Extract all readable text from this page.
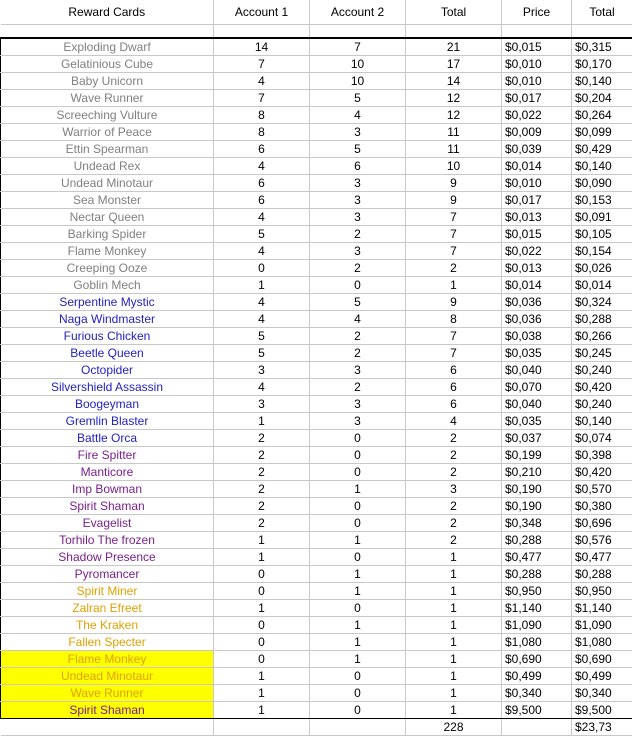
Reward Cards	Account 1	Account 2	Total	Price	Total

Exploding Dwarf	14	7	21	$0,015	$0,315
Gelatinious Cube	7	10	17	$0,010	$0,170
Baby Unicorn	4	10	14	$0,010	$0,140
Wave Runner	7	5	12	$0,017	$0,204
Screeching Vulture	8	4	12	$0,022	$0,264
Warrior of Peace	8	3	11	$0,009	$0,099
Ettin Spearman	6	5	11	$0,039	$0,429
Undead Rex	4	6	10	$0,014	$0,140
Undead Minotaur	6	3	9	$0,010	$0,090
Sea Monster	6	3	9	$0,017	$0,153
Nectar Queen	4	3	7	$0,013	$0,091
Barking Spider	5	2	7	$0,015	$0,105
Flame Monkey	4	3	7	$0,022	$0,154
Creeping Ooze	0	2	2	$0,013	$0,026
Goblin Mech	1	0	1	$0,014	$0,014
Serpentine Mystic	4	5	9	$0,036	$0,324
Naga Windmaster	4	4	8	$0,036	$0,288
Furious Chicken	5	2	7	$0,038	$0,266
Beetle Queen	5	2	7	$0,035	$0,245
Octopider	3	3	6	$0,040	$0,240
Silvershield Assassin	4	2	6	$0,070	$0,420
Boogeyman	3	3	6	$0,040	$0,240
Gremlin Blaster	1	3	4	$0,035	$0,140
Battle Orca	2	0	2	$0,037	$0,074
Fire Spitter	2	0	2	$0,199	$0,398
Manticore	2	0	2	$0,210	$0,420
Imp Bowman	2	1	3	$0,190	$0,570
Spirit Shaman	2	0	2	$0,190	$0,380
Evagelist	2	0	2	$0,348	$0,696
Torhilo The frozen	1	1	2	$0,288	$0,576
Shadow Presence	1	0	1	$0,477	$0,477
Pyromancer	0	1	1	$0,288	$0,288
Spirit Miner	0	1	1	$0,950	$0,950
Zalran Efreet	1	0	1	$1,140	$1,140
The Kraken	0	1	1	$1,090	$1,090
Fallen Specter	0	1	1	$1,080	$1,080
Flame Monkey	0	1	1	$0,690	$0,690
Undead Minotaur	1	0	1	$0,499	$0,499
Wave Runner	1	0	1	$0,340	$0,340
Spirit Shaman	1	0	1	$9,500	$9,500
			228		$23,73
